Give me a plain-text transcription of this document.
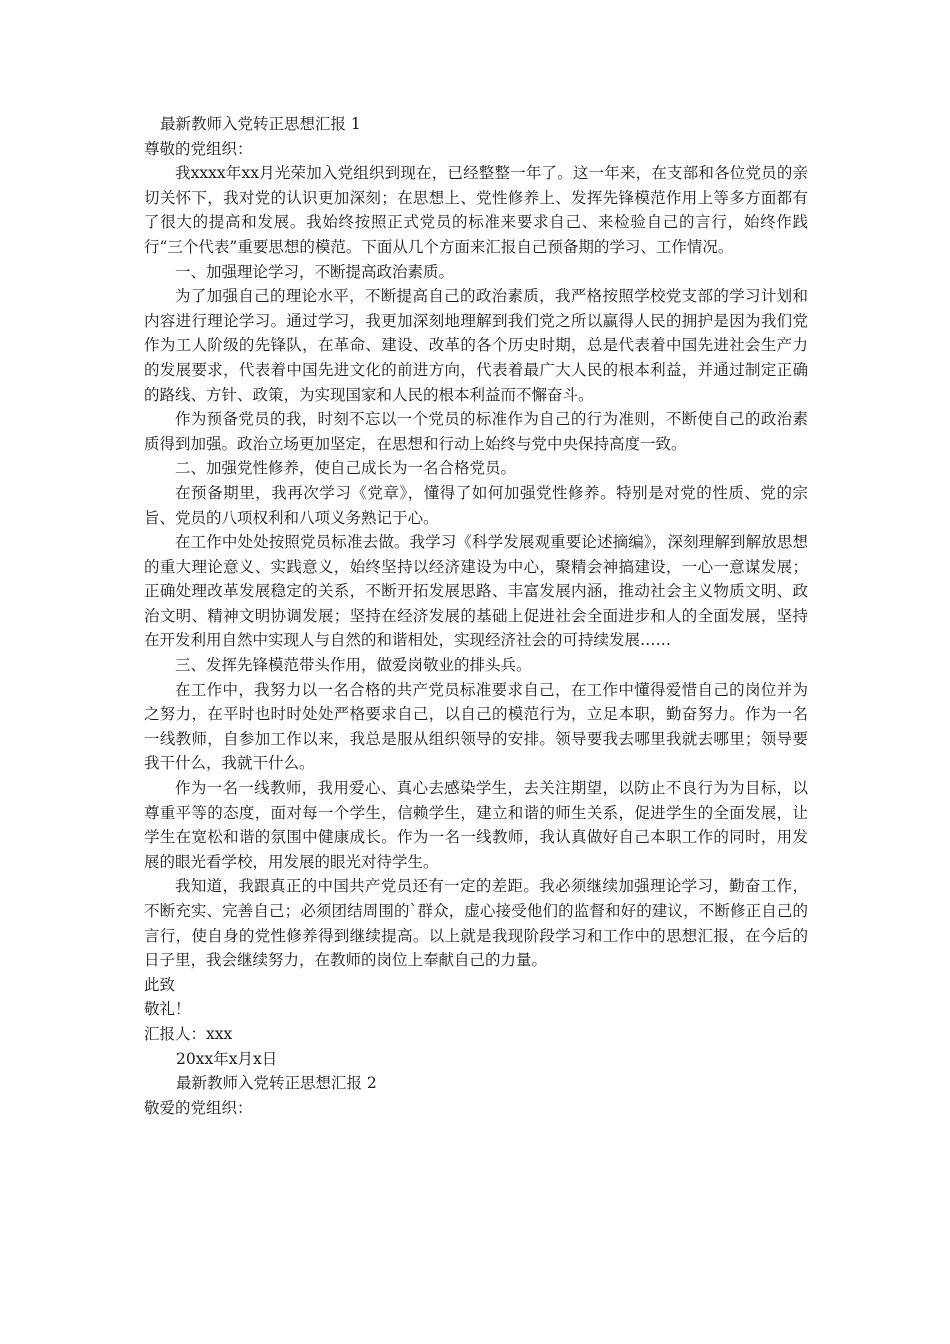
最新教师入党转正思想汇报 1

尊敬的党组织：

我xxxx年xx月光荣加入党组织到现在，已经整整一年了。这一年来，在支部和各位党员的亲切关怀下，我对党的认识更加深刻；在思想上、党性修养上、发挥先锋模范作用上等多方面都有了很大的提高和发展。我始终按照正式党员的标准来要求自己、来检验自己的言行，始终作践行“三个代表”重要思想的模范。下面从几个方面来汇报自己预备期的学习、工作情况。

一、加强理论学习，不断提高政治素质。

为了加强自己的理论水平，不断提高自己的政治素质，我严格按照学校党支部的学习计划和内容进行理论学习。通过学习，我更加深刻地理解到我们党之所以赢得人民的拥护是因为我们党作为工人阶级的先锋队，在革命、建设、改革的各个历史时期，总是代表着中国先进社会生产力的发展要求，代表着中国先进文化的前进方向，代表着最广大人民的根本利益，并通过制定正确的路线、方针、政策，为实现国家和人民的根本利益而不懈奋斗。

作为预备党员的我，时刻不忘以一个党员的标准作为自己的行为准则，不断使自己的政治素质得到加强。政治立场更加坚定，在思想和行动上始终与党中央保持高度一致。

二、加强党性修养，使自己成长为一名合格党员。

在预备期里，我再次学习《党章》，懂得了如何加强党性修养。特别是对党的性质、党的宗旨、党员的八项权利和八项义务熟记于心。

在工作中处处按照党员标准去做。我学习《科学发展观重要论述摘编》，深刻理解到解放思想的重大理论意义、实践意义，始终坚持以经济建设为中心，聚精会神搞建设，一心一意谋发展；正确处理改革发展稳定的关系，不断开拓发展思路、丰富发展内涵，推动社会主义物质文明、政治文明、精神文明协调发展；坚持在经济发展的基础上促进社会全面进步和人的全面发展，坚持在开发利用自然中实现人与自然的和谐相处，实现经济社会的可持续发展……

三、发挥先锋模范带头作用，做爱岗敬业的排头兵。

在工作中，我努力以一名合格的共产党员标准要求自己，在工作中懂得爱惜自己的岗位并为之努力，在平时也时时处处严格要求自己，以自己的模范行为，立足本职，勤奋努力。作为一名一线教师，自参加工作以来，我总是服从组织领导的安排。领导要我去哪里我就去哪里；领导要我干什么，我就干什么。

作为一名一线教师，我用爱心、真心去感染学生，去关注期望，以防止不良行为为目标，以尊重平等的态度，面对每一个学生，信赖学生，建立和谐的师生关系，促进学生的全面发展，让学生在宽松和谐的氛围中健康成长。作为一名一线教师，我认真做好自己本职工作的同时，用发展的眼光看学校，用发展的眼光对待学生。

我知道，我跟真正的中国共产党员还有一定的差距。我必须继续加强理论学习，勤奋工作，不断充实、完善自己；必须团结周围的`群众，虚心接受他们的监督和好的建议，不断修正自己的言行，使自身的党性修养得到继续提高。以上就是我现阶段学习和工作中的思想汇报，在今后的日子里，我会继续努力，在教师的岗位上奉献自己的力量。

此致

敬礼！

汇报人：xxx

20xx年x月x日

最新教师入党转正思想汇报 2

敬爱的党组织：
